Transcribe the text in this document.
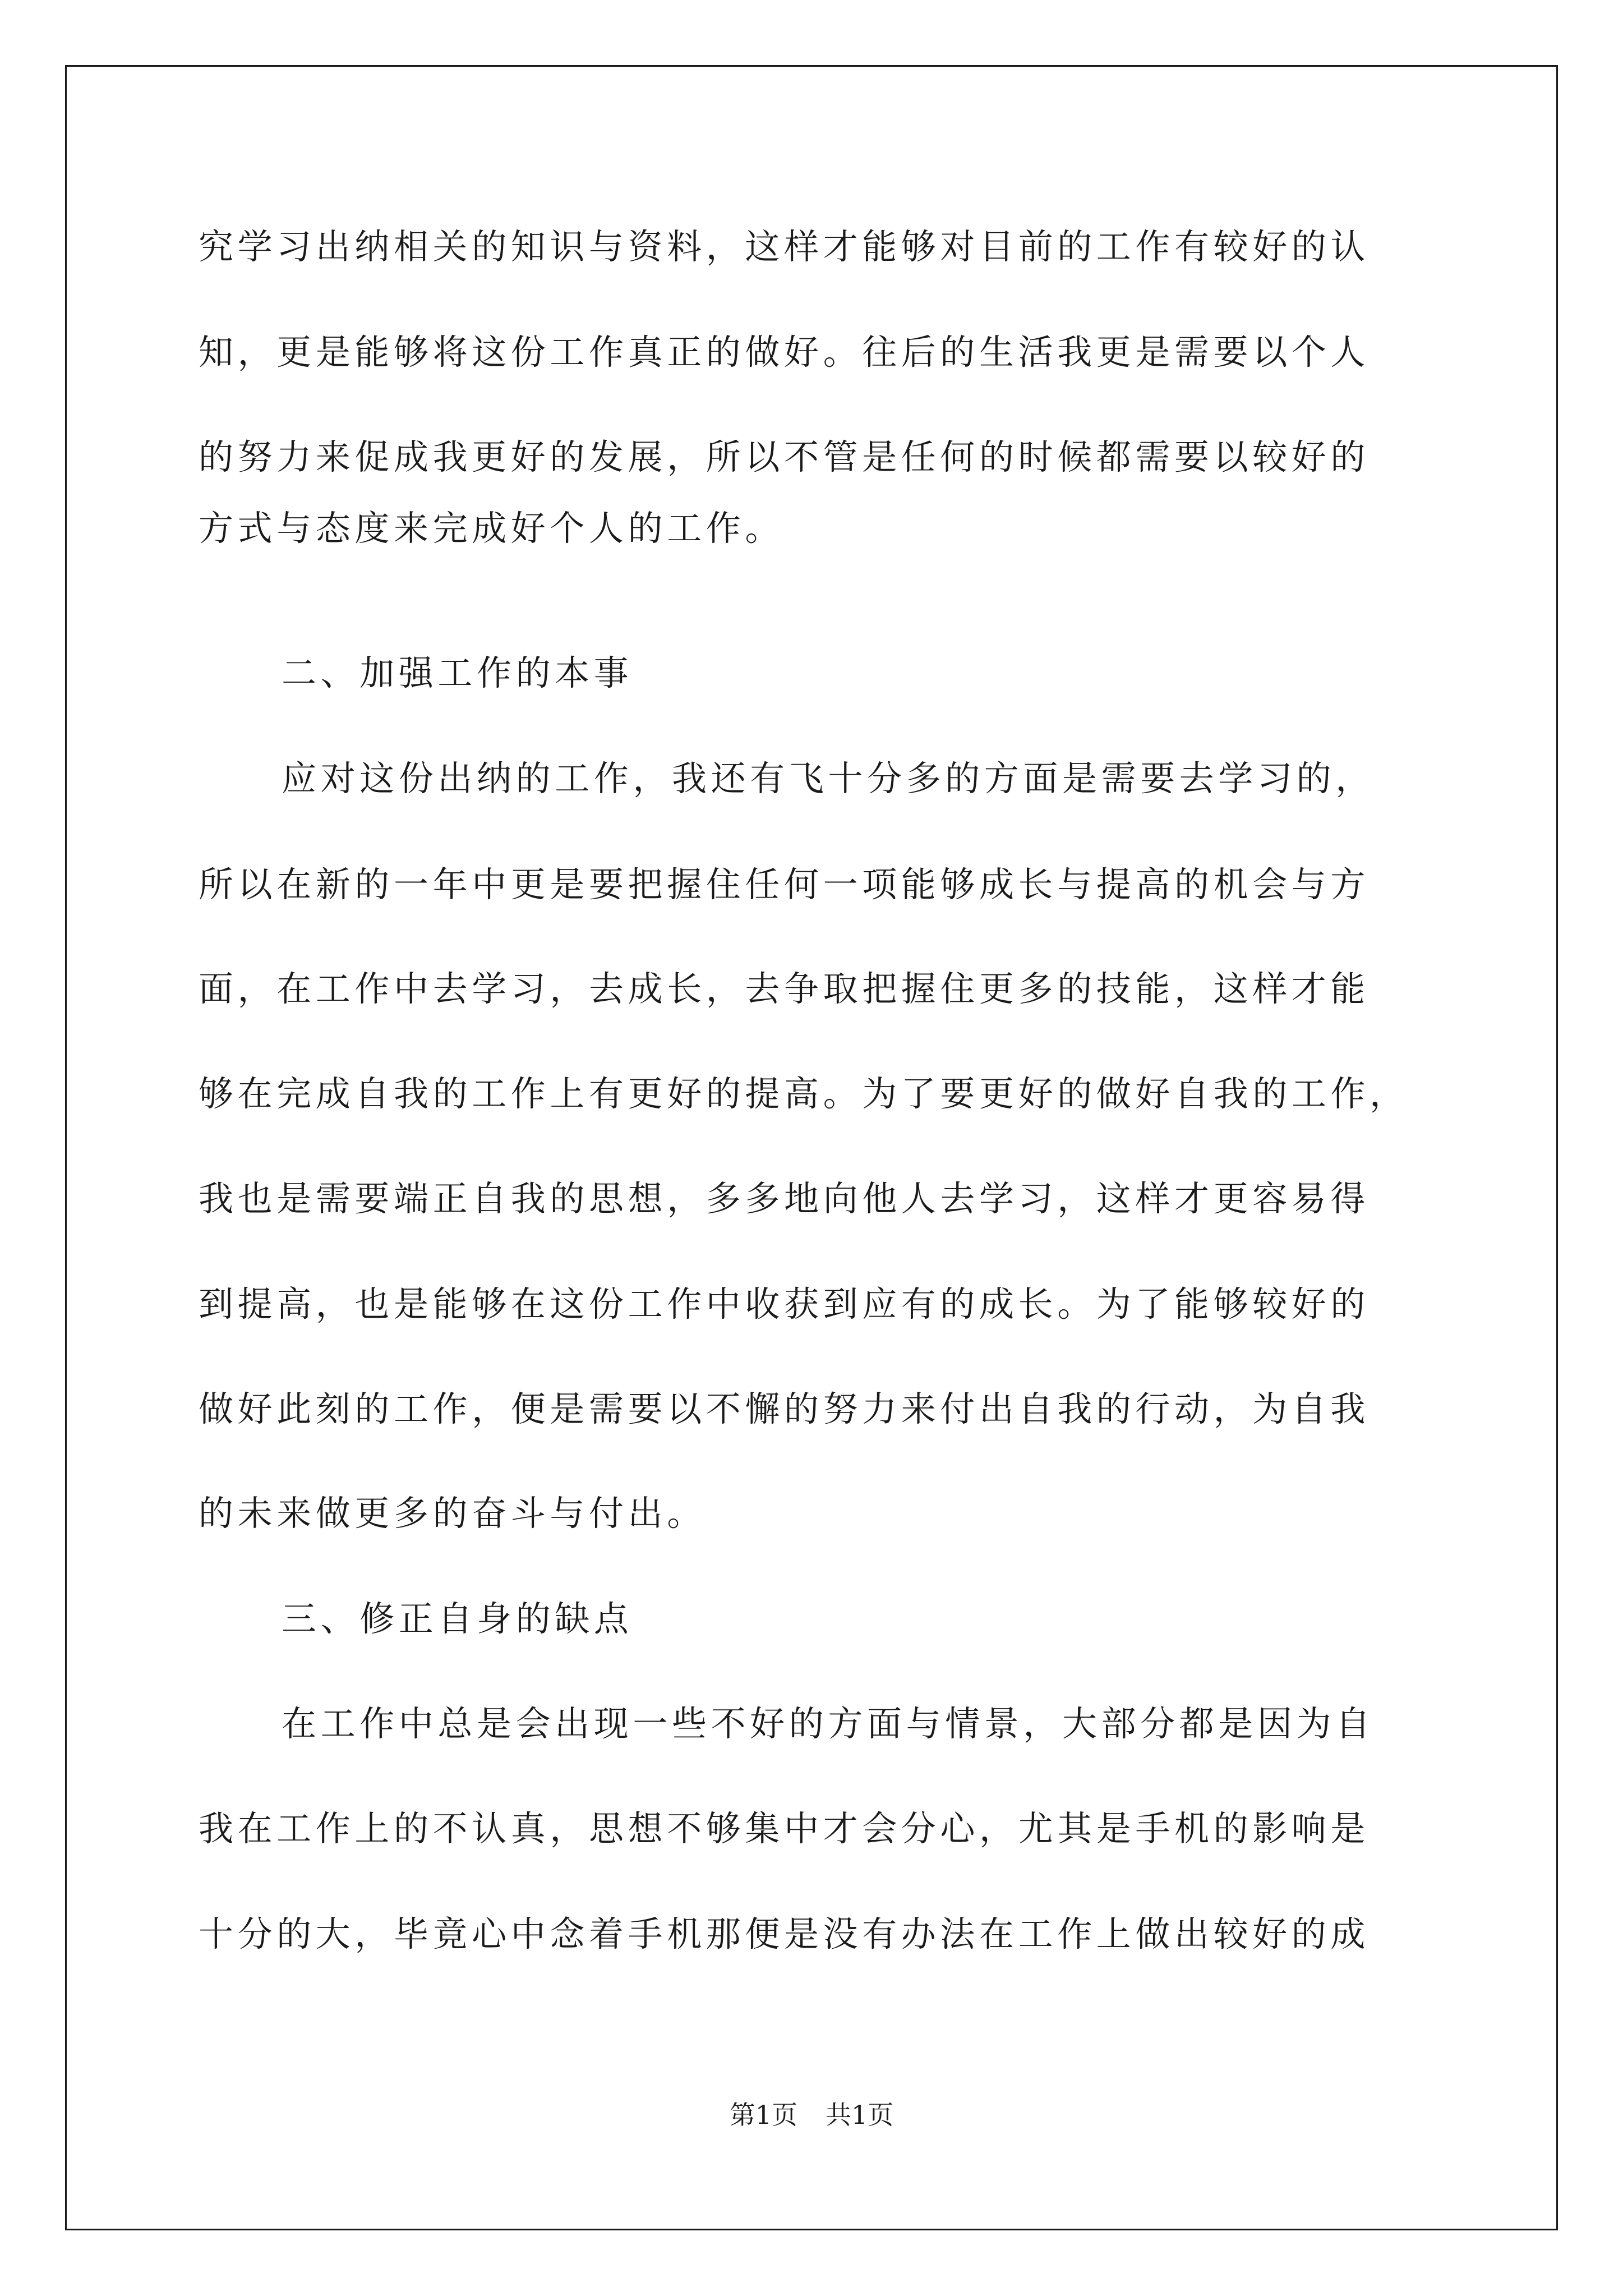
究学习出纳相关的知识与资料，这样才能够对目前的工作有较好的认

知，更是能够将这份工作真正的做好。往后的生活我更是需要以个人

的努力来促成我更好的发展，所以不管是任何的时候都需要以较好的

方式与态度来完成好个人的工作。

二、加强工作的本事

应对这份出纳的工作，我还有飞十分多的方面是需要去学习的，

所以在新的一年中更是要把握住任何一项能够成长与提高的机会与方

面，在工作中去学习，去成长，去争取把握住更多的技能，这样才能

够在完成自我的工作上有更好的提高。为了要更好的做好自我的工作，

我也是需要端正自我的思想，多多地向他人去学习，这样才更容易得

到提高，也是能够在这份工作中收获到应有的成长。为了能够较好的

做好此刻的工作，便是需要以不懈的努力来付出自我的行动，为自我

的未来做更多的奋斗与付出。

三、修正自身的缺点

在工作中总是会出现一些不好的方面与情景，大部分都是因为自

我在工作上的不认真，思想不够集中才会分心，尤其是手机的影响是

十分的大，毕竟心中念着手机那便是没有办法在工作上做出较好的成

第1页 共1页
